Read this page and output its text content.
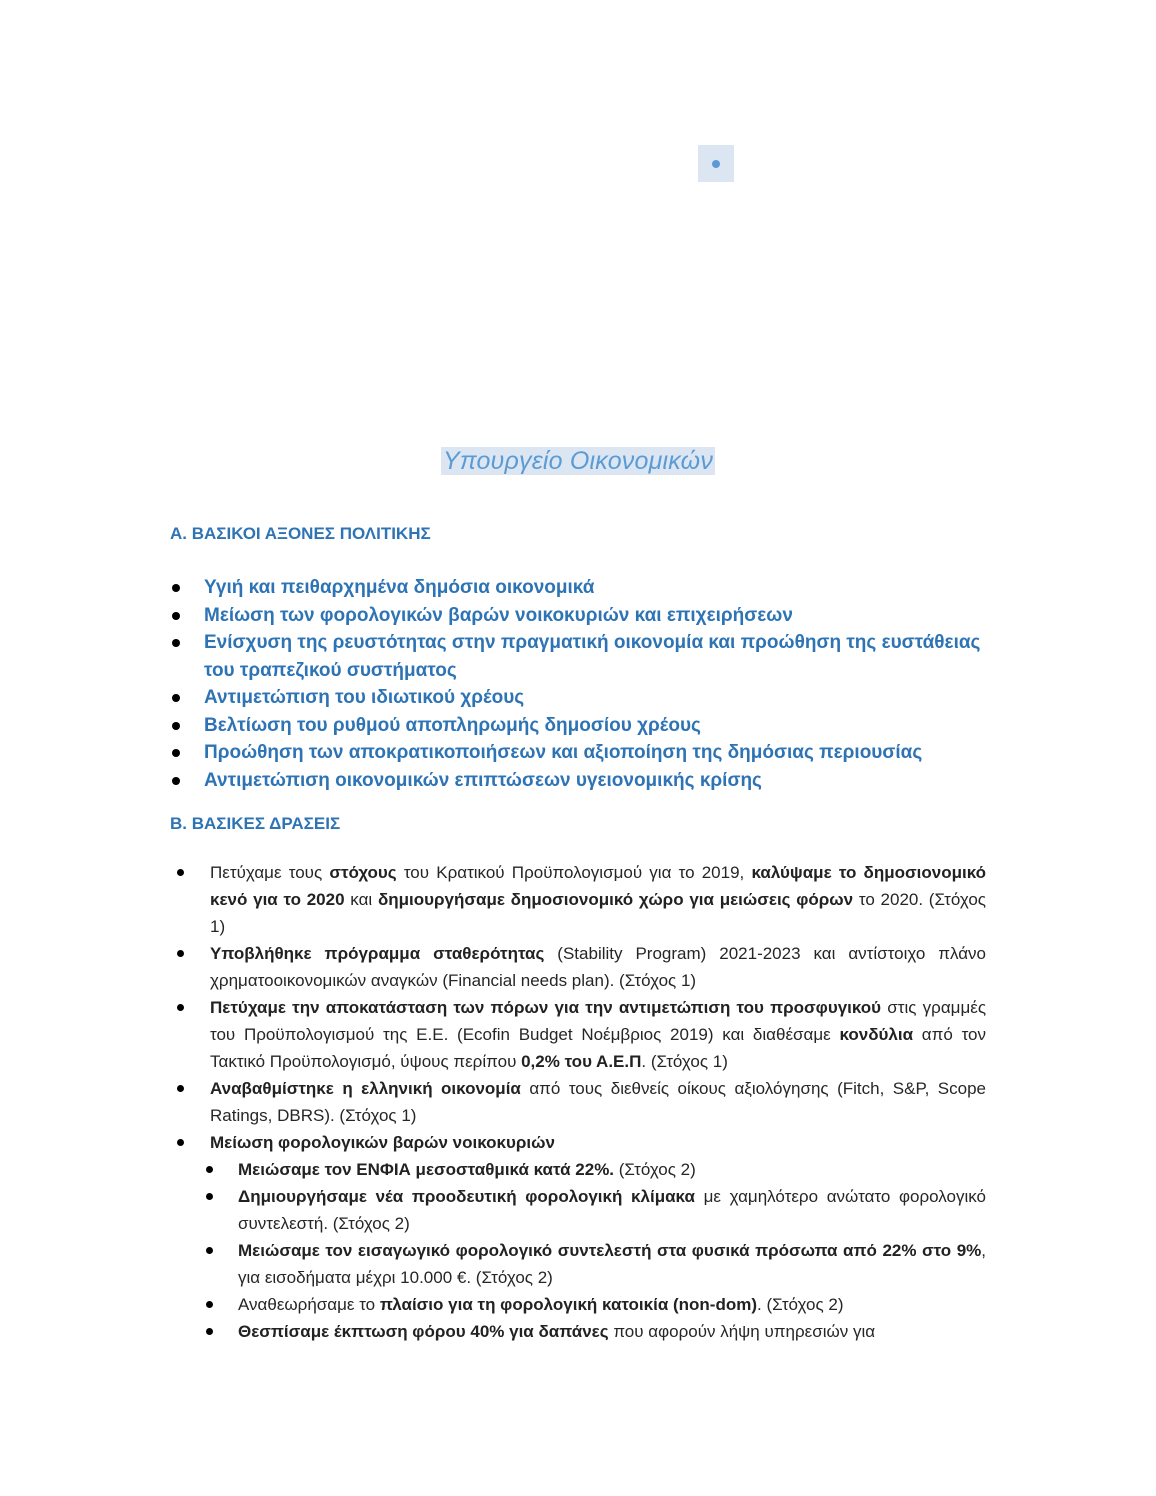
Υπουργείο Οικονομικών
Α. ΒΑΣΙΚΟΙ ΑΞΟΝΕΣ ΠΟΛΙΤΙΚΗΣ
Υγιή και πειθαρχημένα δημόσια οικονομικά
Μείωση των φορολογικών βαρών νοικοκυριών και επιχειρήσεων
Ενίσχυση της ρευστότητας στην πραγματική οικονομία και προώθηση της ευστάθειας του τραπεζικού συστήματος
Αντιμετώπιση του ιδιωτικού χρέους
Βελτίωση του ρυθμού αποπληρωμής δημοσίου χρέους
Προώθηση των αποκρατικοποιήσεων και αξιοποίηση της δημόσιας περιουσίας
Αντιμετώπιση οικονομικών επιπτώσεων υγειονομικής κρίσης
Β. ΒΑΣΙΚΕΣ ΔΡΑΣΕΙΣ
Πετύχαμε τους στόχους του Κρατικού Προϋπολογισμού για το 2019, καλύψαμε το δημοσιονομικό κενό για το 2020 και δημιουργήσαμε δημοσιονομικό χώρο για μειώσεις φόρων το 2020. (Στόχος 1)
Υποβλήθηκε πρόγραμμα σταθερότητας (Stability Program) 2021-2023 και αντίστοιχο πλάνο χρηματοοικονομικών αναγκών (Financial needs plan). (Στόχος 1)
Πετύχαμε την αποκατάσταση των πόρων για την αντιμετώπιση του προσφυγικού στις γραμμές του Προϋπολογισμού της Ε.Ε. (Ecofin Budget Νοέμβριος 2019) και διαθέσαμε κονδύλια από τον Τακτικό Προϋπολογισμό, ύψους περίπου 0,2% του Α.Ε.Π. (Στόχος 1)
Αναβαθμίστηκε η ελληνική οικονομία από τους διεθνείς οίκους αξιολόγησης (Fitch, S&P, Scope Ratings, DBRS). (Στόχος 1)
Μείωση φορολογικών βαρών νοικοκυριών
Μειώσαμε τον ΕΝΦΙΑ μεσοσταθμικά κατά 22%. (Στόχος 2)
Δημιουργήσαμε νέα προοδευτική φορολογική κλίμακα με χαμηλότερο ανώτατο φορολογικό συντελεστή. (Στόχος 2)
Μειώσαμε τον εισαγωγικό φορολογικό συντελεστή στα φυσικά πρόσωπα από 22% στο 9%, για εισοδήματα μέχρι 10.000 €. (Στόχος 2)
Αναθεωρήσαμε το πλαίσιο για τη φορολογική κατοικία (non-dom). (Στόχος 2)
Θεσπίσαμε έκπτωση φόρου 40% για δαπάνες που αφορούν λήψη υπηρεσιών για
